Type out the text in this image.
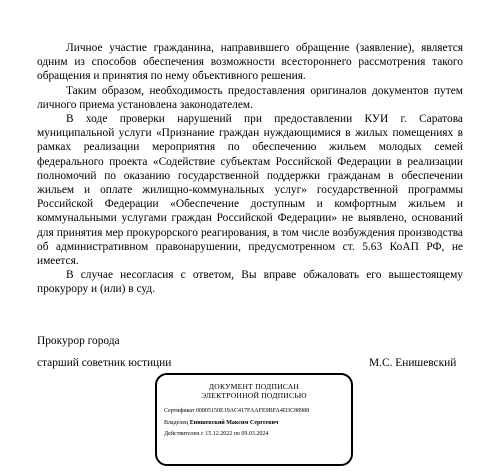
Личное участие гражданина, направившего обращение (заявление), является одним из способов обеспечения возможности всестороннего рассмотрения такого обращения и принятия по нему объективного решения.

Таким образом, необходимость предоставления оригиналов документов путем личного приема установлена законодателем.

В ходе проверки нарушений при предоставлении КУИ г. Саратова муниципальной услуги «Признание граждан нуждающимися в жилых помещениях в рамках реализации мероприятия по обеспечению жильем молодых семей федерального проекта «Содействие субъектам Российской Федерации в реализации полномочий по оказанию государственной поддержки гражданам в обеспечении жильем и оплате жилищно-коммунальных услуг» государственной программы Российской Федерации «Обеспечение доступным и комфортным жильем и коммунальными услугами граждан Российской Федерации» не выявлено, оснований для принятия мер прокурорского реагирования, в том числе возбуждения производства об административном правонарушении, предусмотренном ст. 5.63 КоАП РФ, не имеется.

В случае несогласия с ответом, Вы вправе обжаловать его вышестоящему прокурору и (или) в суд.

Прокурор города
старший советник юстиции	М.С. Енишевский
ДОКУМЕНТ ПОДПИСАН
ЭЛЕКТРОННОЙ ПОДПИСЬЮ
Сертификат 00805150E19AC417FAAFE9BFA4D3C88988
Владелец Енишевский Максим Сергеевич
Действителен с 15.12.2022 по 09.03.2024
